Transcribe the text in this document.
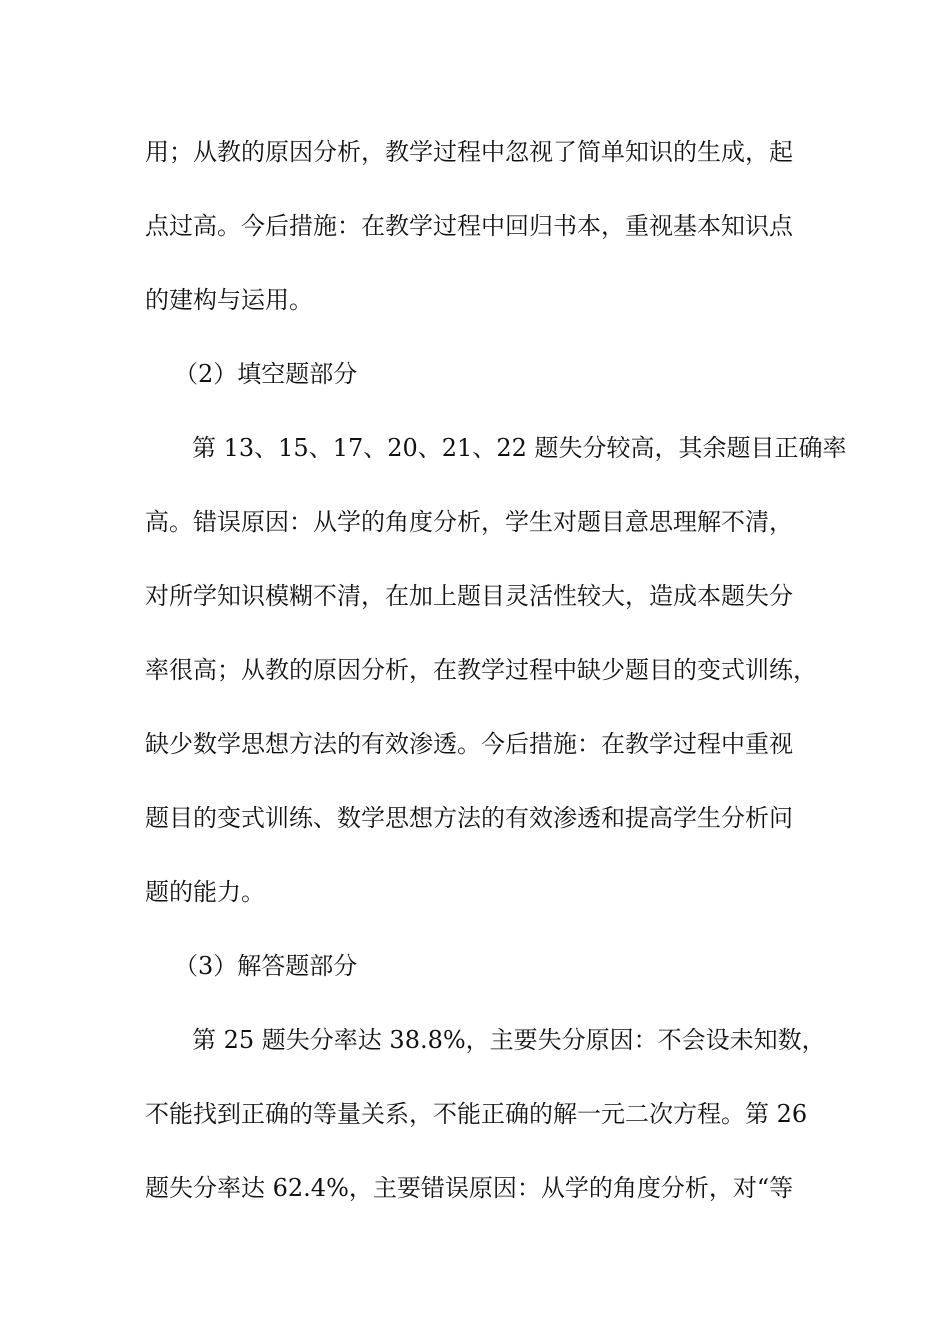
用；从教的原因分析，教学过程中忽视了简单知识的生成，起
点过高。今后措施：在教学过程中回归书本，重视基本知识点
的建构与运用。
（2）填空题部分
第 13、15、17、20、21、22 题失分较高，其余题目正确率
高。错误原因：从学的角度分析，学生对题目意思理解不清，
对所学知识模糊不清，在加上题目灵活性较大，造成本题失分
率很高；从教的原因分析，在教学过程中缺少题目的变式训练，
缺少数学思想方法的有效渗透。今后措施：在教学过程中重视
题目的变式训练、数学思想方法的有效渗透和提高学生分析问
题的能力。
（3）解答题部分
第 25 题失分率达 38.8%，主要失分原因：不会设未知数，
不能找到正确的等量关系，不能正确的解一元二次方程。第 26
题失分率达 62.4%，主要错误原因：从学的角度分析，对“等
